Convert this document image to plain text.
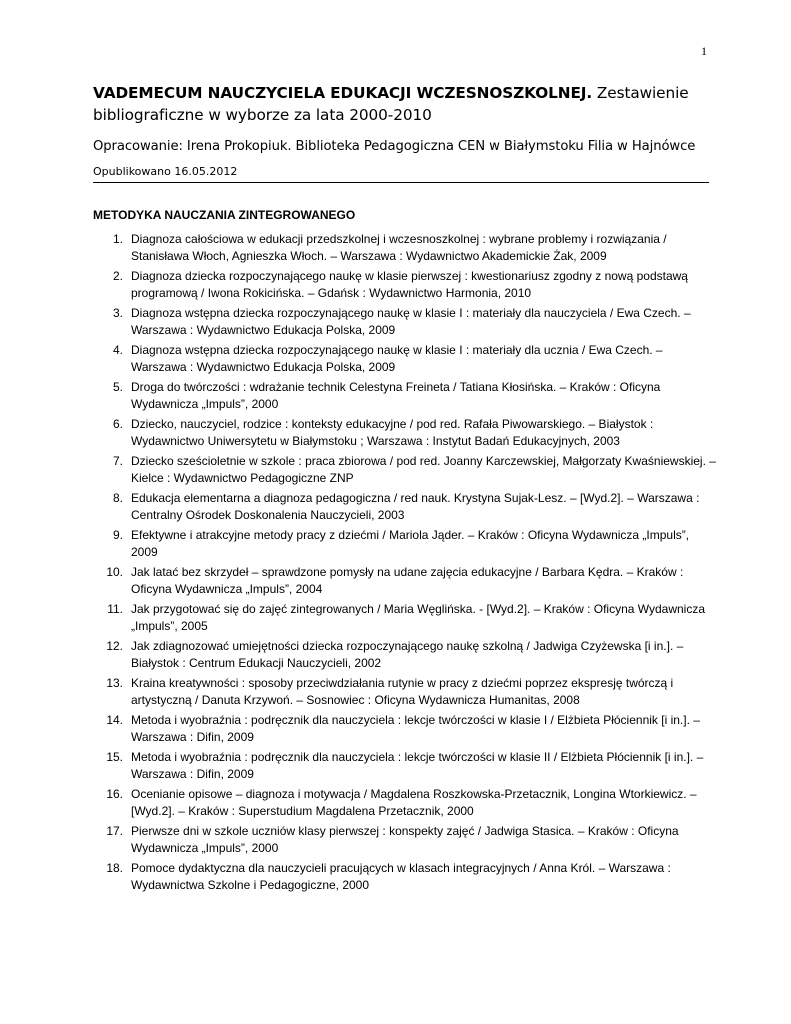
1

VADEMECUM NAUCZYCIELA EDUKACJI WCZESNOSZKOLNEJ. Zestawienie bibliograficzne w wyborze za lata 2000-2010

Opracowanie: Irena Prokopiuk. Biblioteka Pedagogiczna CEN w Białymstoku Filia w Hajnówce
Opublikowano 16.05.2012
METODYKA NAUCZANIA ZINTEGROWANEGO
1. Diagnoza całościowa w edukacji przedszkolnej i wczesnoszkolnej : wybrane problemy i rozwiązania / Stanisława Włoch, Agnieszka Włoch. – Warszawa : Wydawnictwo Akademickie Żak, 2009
2. Diagnoza dziecka rozpoczynającego naukę w klasie pierwszej : kwestionariusz zgodny z nową podstawą programową / Iwona Rokicińska. – Gdańsk : Wydawnictwo Harmonia, 2010
3. Diagnoza wstępna dziecka rozpoczynającego naukę w klasie I : materiały dla nauczyciela / Ewa Czech. – Warszawa : Wydawnictwo Edukacja Polska, 2009
4. Diagnoza wstępna dziecka rozpoczynającego naukę w klasie I : materiały dla ucznia / Ewa Czech. – Warszawa : Wydawnictwo Edukacja Polska, 2009
5. Droga do twórczości : wdrażanie technik Celestyna Freineta / Tatiana Kłosińska. – Kraków : Oficyna Wydawnicza „Impuls”, 2000
6. Dziecko, nauczyciel, rodzice : konteksty edukacyjne / pod red. Rafała Piwowarskiego. – Białystok : Wydawnictwo Uniwersytetu w Białymstoku ; Warszawa : Instytut Badań Edukacyjnych, 2003
7. Dziecko sześcioletnie w szkole : praca zbiorowa / pod red. Joanny Karczewskiej, Małgorzaty Kwaśniewskiej. – Kielce : Wydawnictwo Pedagogiczne ZNP
8. Edukacja elementarna a diagnoza pedagogiczna / red nauk. Krystyna Sujak-Lesz. – [Wyd.2]. – Warszawa : Centralny Ośrodek Doskonalenia Nauczycieli, 2003
9. Efektywne i atrakcyjne metody pracy z dziećmi / Mariola Jąder. – Kraków : Oficyna Wydawnicza „Impuls”, 2009
10. Jak latać bez skrzydeł – sprawdzone pomysły na udane zajęcia edukacyjne / Barbara Kędra. – Kraków : Oficyna Wydawnicza „Impuls”, 2004
11. Jak przygotować się do zajęć zintegrowanych / Maria Węglińska. - [Wyd.2]. – Kraków : Oficyna Wydawnicza „Impuls”, 2005
12. Jak zdiagnozować umiejętności dziecka rozpoczynającego naukę szkolną / Jadwiga Czyżewska [i in.]. – Białystok : Centrum Edukacji Nauczycieli, 2002
13. Kraina kreatywności : sposoby przeciwdziałania rutynie w pracy z dziećmi poprzez ekspresję twórczą i artystyczną / Danuta Krzywoń. – Sosnowiec : Oficyna Wydawnicza Humanitas, 2008
14. Metoda i wyobraźnia : podręcznik dla nauczyciela : lekcje twórczości w klasie I / Elżbieta Płóciennik [i in.]. – Warszawa : Difin, 2009
15. Metoda i wyobraźnia : podręcznik dla nauczyciela : lekcje twórczości w klasie II / Elżbieta Płóciennik [i in.]. – Warszawa : Difin, 2009
16. Ocenianie opisowe – diagnoza i motywacja / Magdalena Roszkowska-Przetacznik, Longina Wtorkiewicz. – [Wyd.2]. – Kraków : Superstudium Magdalena Przetacznik, 2000
17. Pierwsze dni w szkole uczniów klasy pierwszej : konspekty zajęć / Jadwiga Stasica. – Kraków : Oficyna Wydawnicza „Impuls”, 2000
18. Pomoce dydaktyczna dla nauczycieli pracujących w klasach integracyjnych / Anna Król. – Warszawa : Wydawnictwa Szkolne i Pedagogiczne, 2000
